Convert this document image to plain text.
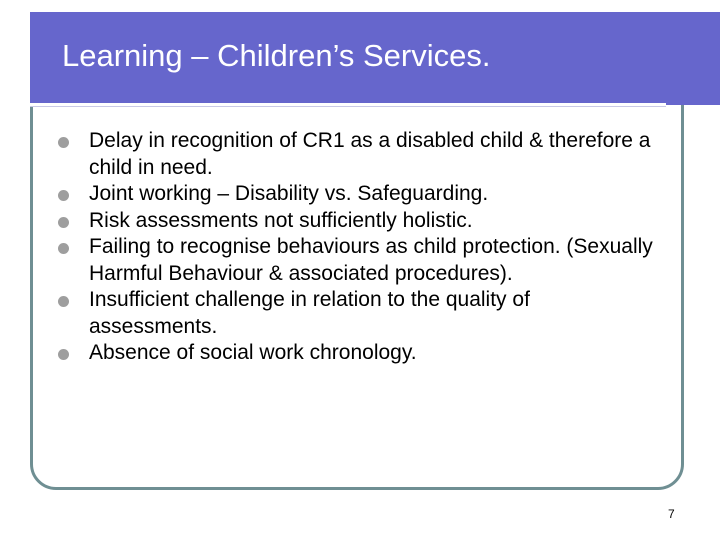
Learning – Children’s Services.
Delay in recognition of CR1 as a disabled child & therefore a child in need.
Joint working – Disability vs. Safeguarding.
Risk assessments not sufficiently holistic.
Failing to recognise behaviours as child protection. (Sexually Harmful Behaviour & associated procedures).
Insufficient challenge in relation to the quality of assessments.
Absence of social work chronology.
7
